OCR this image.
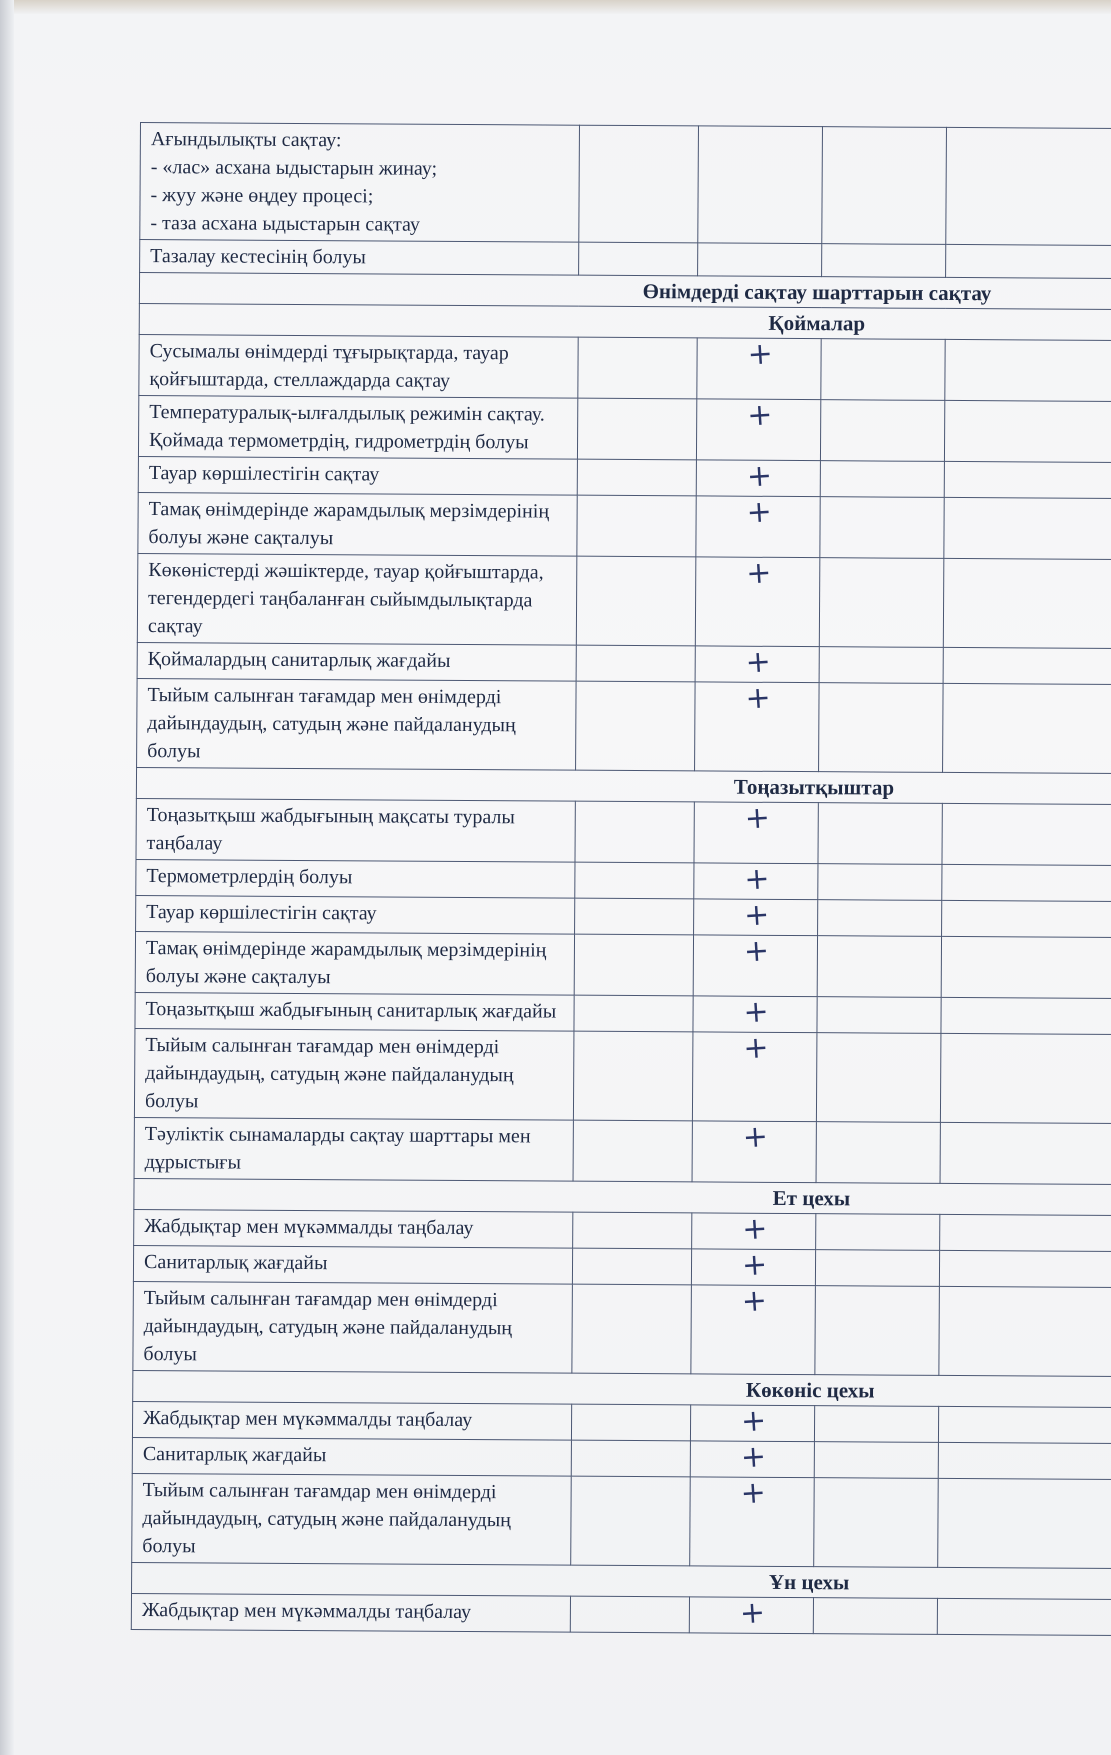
Ағындылықты сақтау:
- «лас» асхана ыдыстарын жинау;
- жуу және өңдеу процесі;
- таза асхана ыдыстарын сақтау				

Тазалау кестесінің болуы				

Өнімдерді сақтау шарттарын сақтау				

Қоймалар				

Сусымалы өнімдерді тұғырықтарда, тауар қойғыштарда, стеллаждарда сақтау		+		
Температуралық-ылғалдылық режимін сақтау. Қоймада термометрдің, гидрометрдің болуы		+		
Тауар көршілестігін сақтау		+		
Тамақ өнімдерінде жарамдылық мерзімдерінің болуы және сақталуы		+		
Көкөністерді жәшіктерде, тауар қойғыштарда, тегендердегі таңбаланған сыйымдылықтарда сақтау		+		
Қоймалардың санитарлық жағдайы		+		
Тыйым салынған тағамдар мен өнімдерді дайындаудың, сатудың және пайдаланудың болуы		+		

Тоңазытқыштар				

Тоңазытқыш жабдығының мақсаты туралы таңбалау		+		
Термометрлердің болуы		+		
Тауар көршілестігін сақтау		+		
Тамақ өнімдерінде жарамдылық мерзімдерінің болуы және сақталуы		+		
Тоңазытқыш жабдығының санитарлық жағдайы		+		
Тыйым салынған тағамдар мен өнімдерді дайындаудың, сатудың және пайдаланудың болуы		+		
Тәуліктік сынамаларды сақтау шарттары мен дұрыстығы		+		

Ет цехы				

Жабдықтар мен мүкәммалды таңбалау		+		
Санитарлық жағдайы		+		
Тыйым салынған тағамдар мен өнімдерді дайындаудың, сатудың және пайдаланудың болуы		+		

Көкөніс цехы				

Жабдықтар мен мүкәммалды таңбалау		+		
Санитарлық жағдайы		+		
Тыйым салынған тағамдар мен өнімдерді дайындаудың, сатудың және пайдаланудың болуы		+		

Ұн цехы				

Жабдықтар мен мүкәммалды таңбалау		+		
